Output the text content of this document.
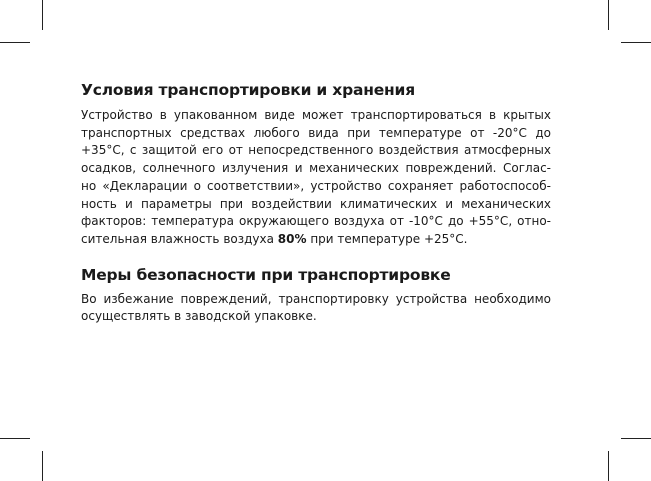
Условия транспортировки и хранения

Устройство в упакованном виде может транспортироваться в крытых
транспортных средствах любого вида при температуре от -20°С до
+35°С, с защитой его от непосредственного воздействия атмосферных
осадков, солнечного излучения и механических повреждений. Соглас-
но «Декларации о соответствии», устройство сохраняет работоспособ-
ность и параметры при воздействии климатических и механических
факторов: температура окружающего воздуха от -10°С до +55°С, отно-
сительная влажность воздуха 80% при температуре +25°С.

Меры безопасности при транспортировке

Во избежание повреждений, транспортировку устройства необходимо
осуществлять в заводской упаковке.
